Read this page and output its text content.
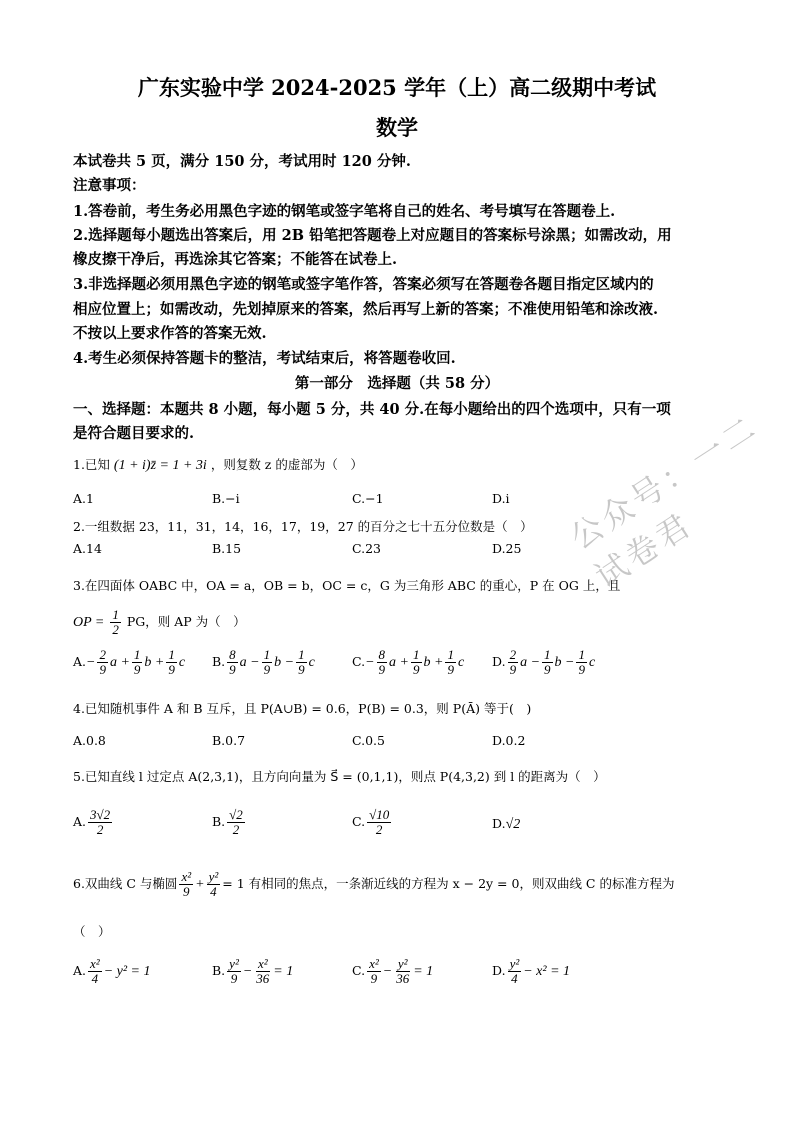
广东实验中学 2024-2025 学年（上）高二级期中考试
数学
本试卷共 5 页，满分 150 分，考试用时 120 分钟.
注意事项：
1.答卷前，考生务必用黑色字迹的钢笔或签字笔将自己的姓名、考号填写在答题卷上.
2.选择题每小题选出答案后，用 2B 铅笔把答题卷上对应题目的答案标号涂黑；如需改动，用
橡皮擦干净后，再选涂其它答案；不能答在试卷上.
3.非选择题必须用黑色字迹的钢笔或签字笔作答，答案必须写在答题卷各题目指定区域内的
相应位置上；如需改动，先划掉原来的答案，然后再写上新的答案；不准使用铅笔和涂改液.
不按以上要求作答的答案无效.
4.考生必须保持答题卡的整洁，考试结束后，将答题卷收回.
第一部分　选择题（共 58 分）
一、选择题：本题共 8 小题，每小题 5 分，共 40 分.在每小题给出的四个选项中，只有一项
是符合题目要求的.
1.已知 (1 + i)z̄ = 1 + 3i ，则复数 z 的虚部为（　）
A.1	B.−i	C.−1	D.i
2.一组数据 23，11，31，14，16，17，19，27 的百分之七十五分位数是（　）
A.14	B.15	C.23	D.25
3.在四面体 OABC 中，OA = a，OB = b，OC = c，G 为三角形 ABC 的重心，P 在 OG 上，且
OP = $\frac{1}{2}$ PG，则 AP 为（　）
$A.- \frac{2}{9}$ $a + \frac{1}{9}$ $b + \frac{1}{9}$ c B. $\frac{8}{9}$ $a - \frac{1}{9}$ $b - \frac{1}{9}$ c	$C.- \frac{8}{9}$ $a + \frac{1}{9}$ $b + \frac{1}{9}$ c D. $\frac{2}{9}$ $a - \frac{1}{9}$ $b - \frac{1}{9}$ c
4.已知随机事件 A 和 B 互斥，且 P(A∪B) = 0.6，P(B) = 0.3，则 P(Ā) 等于(　)
A.0.8	B.0.7	C.0.5	D.0.2
5.已知直线 l 过定点 A(2,3,1)，且方向向量为 S⃗ = (0,1,1)，则点 P(4,3,2) 到 l 的距离为（　）
A. $\frac{3√2}{2}$	B. $\frac{√2}{2}$	C. $\frac{√10}{2}$	D.√2
6.双曲线 C 与椭圆 $\frac{\text{x²}}{9} + \frac{\text{y²}}{4} = 1$ 有相同的焦点，一条渐近线的方程为 x − 2y = 0，则双曲线 C 的标准方程为
（　）
A. $\frac{\text{x²}}{4} - y^2 = 1$	B. $\frac{\text{y²}}{9} - \frac{\text{x²}}{36} = 1$	C. $\frac{\text{x²}}{9} - \frac{\text{y²}}{36} = 1$	D. $\frac{\text{y²}}{4} - x^2 = 1$
公众号：一二试卷君
